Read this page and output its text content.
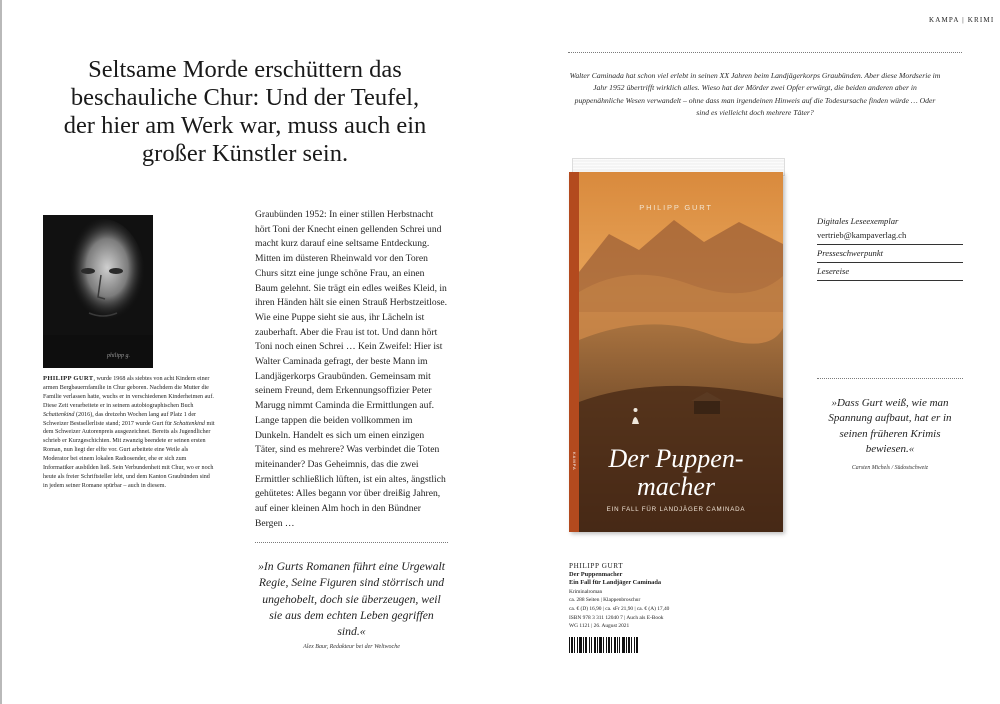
KAMPA | KRIMI
Seltsame Morde erschüttern das beschauliche Chur: Und der Teufel, der hier am Werk war, muss auch ein großer Künstler sein.
philipp g.
PHILIPP GURT, wurde 1968 als siebtes von acht Kindern einer armen Bergbauernfamilie in Chur geboren. Nachdem die Mutter die Familie verlassen hatte, wuchs er in verschiedenen Kinderheimen auf. Diese Zeit verarbeitete er in seinem autobiographischen Buch Schattenkind (2016), das dreizehn Wochen lang auf Platz 1 der Schweizer Bestsellerliste stand; 2017 wurde Gurt für Schattenkind mit dem Schweizer Autorenpreis ausgezeichnet. Bereits als Jugendlicher schrieb er Kurzgeschichten. Mit zwanzig beendete er seinen ersten Roman, nun liegt der elfte vor. Gurt arbeitete eine Weile als Moderator bei einem lokalen Radiosender, ehe er sich zum Informatiker ausbilden ließ. Sein Verbundenheit mit Chur, wo er noch heute als freier Schriftsteller lebt, und dem Kanton Graubünden sind in jedem seiner Romane spürbar – auch in diesem.
Graubünden 1952: In einer stillen Herbstnacht hört Toni der Knecht einen gellenden Schrei und macht kurz darauf eine seltsame Entdeckung. Mitten im düsteren Rheinwald vor den Toren Churs sitzt eine junge schöne Frau, an einen Baum gelehnt. Sie trägt ein edles weißes Kleid, in ihren Händen hält sie einen Strauß Herbstzeitlose. Wie eine Puppe sieht sie aus, ihr Lächeln ist zauberhaft. Aber die Frau ist tot. Und dann hört Toni noch einen Schrei … Kein Zweifel: Hier ist Walter Caminada gefragt, der beste Mann im Landjägerkorps Graubünden. Gemeinsam mit seinem Freund, dem Erkennungsoffizier Peter Marugg nimmt Caminda die Ermittlungen auf. Lange tappen die beiden vollkommen im Dunkeln. Handelt es sich um einen einzigen Täter, sind es mehrere? Was verbindet die Toten miteinander? Das Geheimnis, das die zwei Ermittler schließlich lüften, ist ein altes, ängstlich gehütetes: Alles begann vor über dreißig Jahren, auf einer kleinen Alm hoch in den Bündner Bergen …
»In Gurts Romanen führt eine Urgewalt Regie, Seine Figuren sind störrisch und ungehobelt, doch sie überzeugen, weil sie aus dem echten Leben gegriffen sind.«
Alex Baur, Redakteur bei der Weltwoche
Walter Caminada hat schon viel erlebt in seinen XX Jahren beim Landjägerkorps Graubünden. Aber diese Mordserie im Jahr 1952 übertrifft wirklich alles. Wieso hat der Mörder zwei Opfer erwürgt, die beiden anderen aber in puppenähnliche Wesen verwandelt – ohne dass man irgendeinen Hinweis auf die Todesursache finden würde … Oder sind es vielleicht doch mehrere Täter?
KAMPA
PHILIPP GURT
Der Puppen-
macher
EIN FALL FÜR LANDJÄGER CAMINADA
Digitales Leseexemplar
vertrieb@kampaverlag.ch
Presseschwerpunkt
Lesereise
»Dass Gurt weiß, wie man Spannung aufbaut, hat er in seinen früheren Krimis bewiesen.«
Carsten Michels / Südostschweiz
PHILIPP GURT
Der Puppenmacher
Ein Fall für Landjäger Caminada
Kriminalroman
ca. 288 Seiten | Klappenbroschur
ca. € (D) 16,90 | ca. sFr 21,90 | ca. € (A) 17,40
ISBN 978 3 311 12040 7 | Auch als E-Book
WG 1121 | 26. August 2021
